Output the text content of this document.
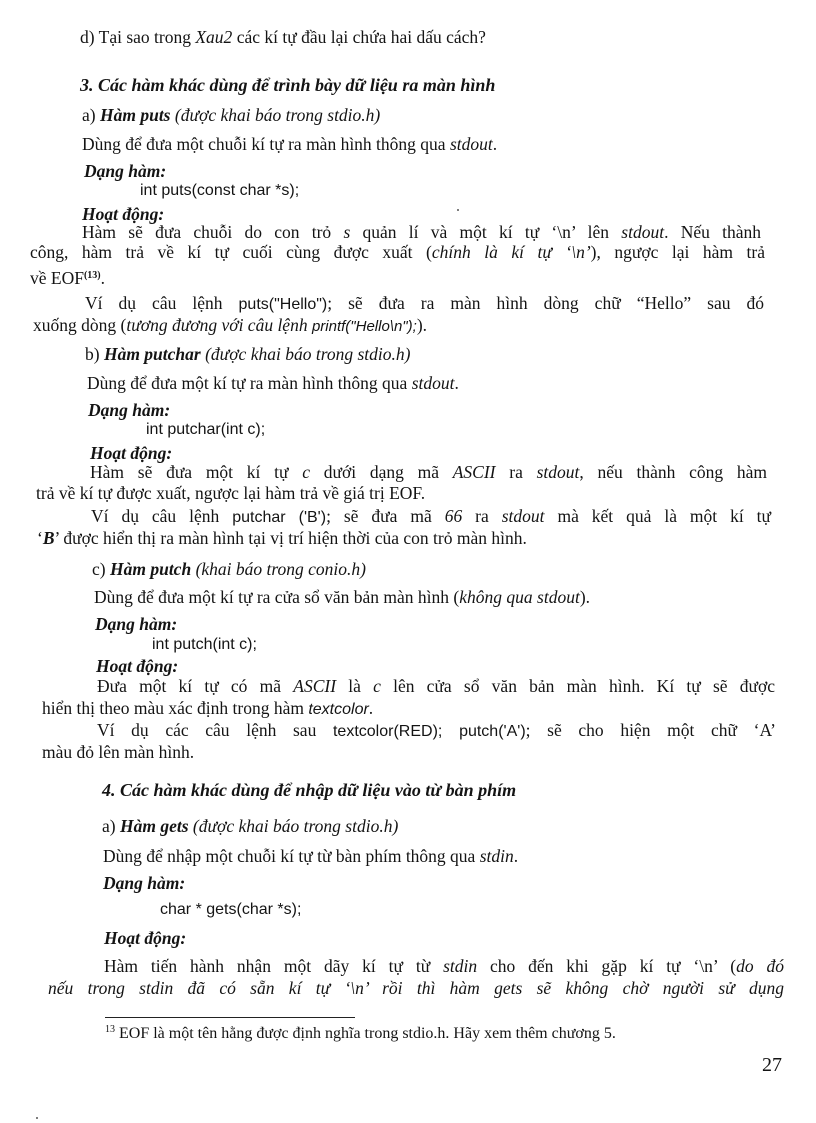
d) Tại sao trong Xau2 các kí tự đầu lại chứa hai dấu cách?
3. Các hàm khác dùng để trình bày dữ liệu ra màn hình
a) Hàm puts (được khai báo trong stdio.h)
Dùng để đưa một chuỗi kí tự ra màn hình thông qua stdout.
Dạng hàm:
int puts(const char *s);
Hoạt động:
Hàm sẽ đưa chuỗi do con trỏ s quản lí và một kí tự ‘\n’ lên stdout. Nếu thành
công, hàm trả về kí tự cuối cùng được xuất (chính là kí tự ‘\n’), ngược lại hàm trả
về EOF$^{(13)}$.
Ví dụ câu lệnh puts("Hello"); sẽ đưa ra màn hình dòng chữ “Hello” sau đó
xuống dòng (tương đương với câu lệnh printf("Hello\n");).
b) Hàm putchar (được khai báo trong stdio.h)
Dùng để đưa một kí tự ra màn hình thông qua stdout.
Dạng hàm:
int putchar(int c);
Hoạt động:
Hàm sẽ đưa một kí tự c dưới dạng mã ASCII ra stdout, nếu thành công hàm
trả về kí tự được xuất, ngược lại hàm trả về giá trị EOF.
Ví dụ câu lệnh putchar ('B'); sẽ đưa mã 66 ra stdout mà kết quả là một kí tự
‘B’ được hiển thị ra màn hình tại vị trí hiện thời của con trỏ màn hình.
c) Hàm putch (khai báo trong conio.h)
Dùng để đưa một kí tự ra cửa sổ văn bản màn hình (không qua stdout).
Dạng hàm:
int putch(int c);
Hoạt động:
Đưa một kí tự có mã ASCII là c lên cửa sổ văn bản màn hình. Kí tự sẽ được
hiển thị theo màu xác định trong hàm textcolor.
Ví dụ các câu lệnh sau textcolor(RED); putch('A'); sẽ cho hiện một chữ ‘A’
màu đỏ lên màn hình.
4. Các hàm khác dùng để nhập dữ liệu vào từ bàn phím
a) Hàm gets (được khai báo trong stdio.h)
Dùng để nhập một chuỗi kí tự từ bàn phím thông qua stdin.
Dạng hàm:
char * gets(char *s);
Hoạt động:
Hàm tiến hành nhận một dãy kí tự từ stdin cho đến khi gặp kí tự ‘\n’ (do đó
nếu trong stdin đã có sẵn kí tự ‘\n’ rồi thì hàm gets sẽ không chờ người sử dụng
$^{13}$ EOF là một tên hằng được định nghĩa trong stdio.h. Hãy xem thêm chương 5.
27
